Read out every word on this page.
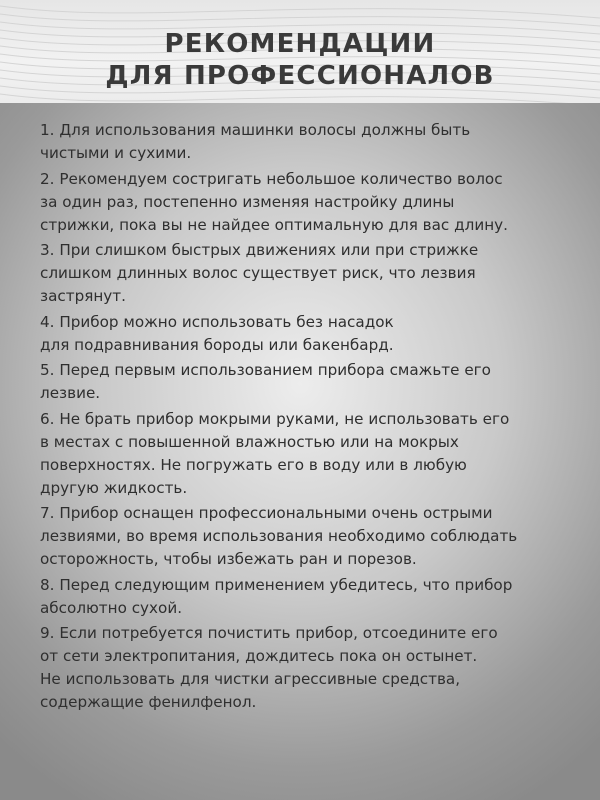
РЕКОМЕНДАЦИИ
ДЛЯ ПРОФЕССИОНАЛОВ
1. Для использования машинки волосы должны быть
чистыми и сухими.
2. Рекомендуем состригать небольшое количество волос
за один раз, постепенно изменяя настройку длины
стрижки, пока вы не найдее оптимальную для вас длину.
3. При слишком быстрых движениях или при стрижке
слишком длинных волос существует риск, что лезвия
застрянут.
4. Прибор можно использовать без насадок
для подравнивания бороды или бакенбард.
5. Перед первым использованием прибора смажьте его
лезвие.
6. Не брать прибор мокрыми руками, не использовать его
в местах с повышенной влажностью или на мокрых
поверхностях. Не погружать его в воду или в любую
другую жидкость.
7. Прибор оснащен профессиональными очень острыми
лезвиями, во время использования необходимо соблюдать
осторожность, чтобы избежать ран и порезов.
8. Перед следующим применением убедитесь, что прибор
абсолютно сухой.
9. Если потребуется почистить прибор, отсоедините его
от сети электропитания, дождитесь пока он остынет.
Не использовать для чистки агрессивные средства,
содержащие фенилфенол.
